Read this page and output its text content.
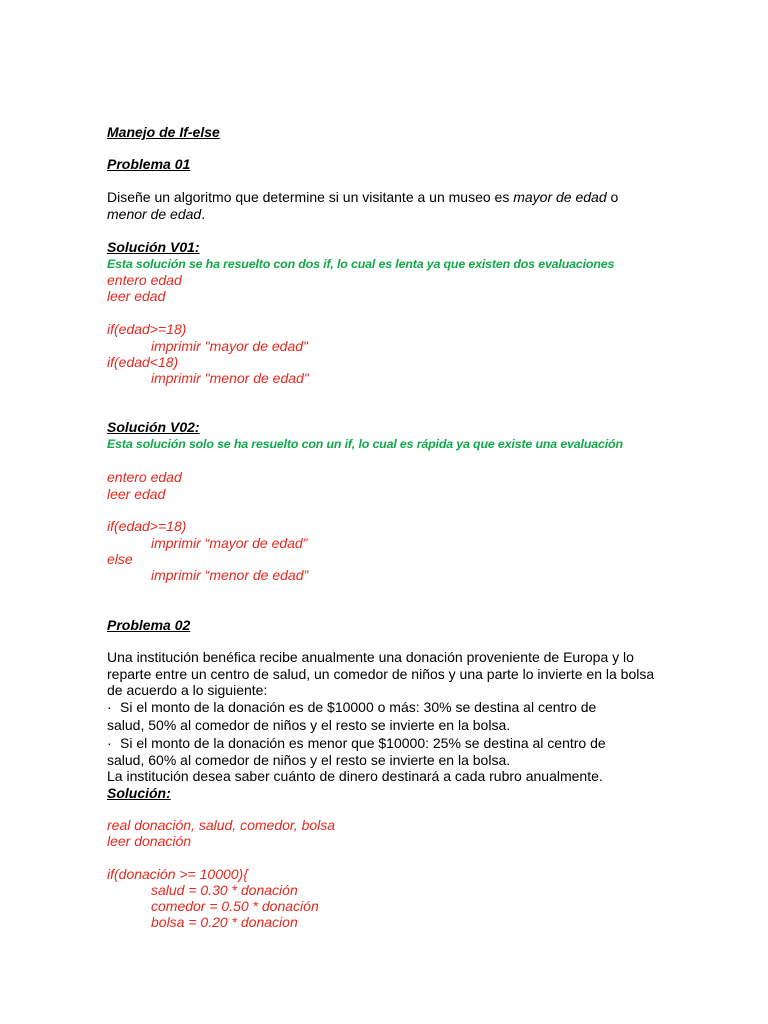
Manejo de If-else
Problema 01
Diseñe un algoritmo que determine si un visitante a un museo es mayor de edad o
menor de edad.
Solución V01:
Esta solución se ha resuelto con dos if, lo cual es lenta ya que existen dos evaluaciones
entero edad
leer edad
if(edad>=18)
imprimir "mayor de edad"
if(edad<18)
imprimir "menor de edad"
Solución V02:
Esta solución solo se ha resuelto con un if, lo cual es rápida ya que existe una evaluación
entero edad
leer edad
if(edad>=18)
imprimir “mayor de edad”
else
imprimir “menor de edad”
Problema 02
Una institución benéfica recibe anualmente una donación proveniente de Europa y lo
reparte entre un centro de salud, un comedor de niños y una parte lo invierte en la bolsa
de acuerdo a lo siguiente:
· Si el monto de la donación es de $10000 o más: 30% se destina al centro de
salud, 50% al comedor de niños y el resto se invierte en la bolsa.
· Si el monto de la donación es menor que $10000: 25% se destina al centro de
salud, 60% al comedor de niños y el resto se invierte en la bolsa.
La institución desea saber cuánto de dinero destinará a cada rubro anualmente.
Solución:
real donación, salud, comedor, bolsa
leer donación
if(donación >= 10000){
salud = 0.30 * donación
comedor = 0.50 * donación
bolsa = 0.20 * donacion
